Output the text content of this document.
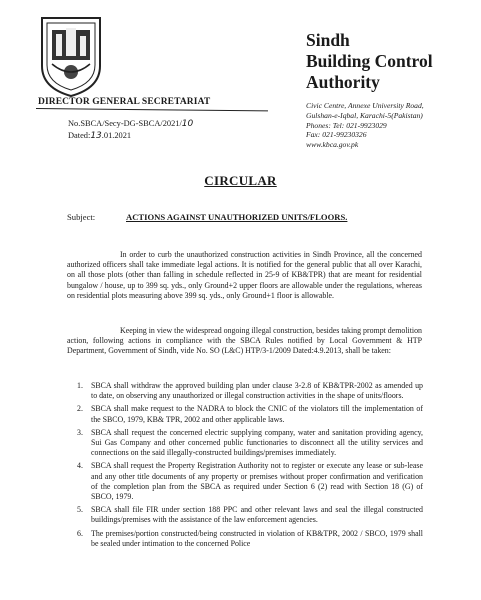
Sindh
Building Control
Authority
DIRECTOR GENERAL SECRETARIAT	Civic Centre, Annexe University Road,
Gulshan-e-Iqbal, Karachi-5(Pakistan)
Phones: Tel: 021-9923029
Fax: 021-99230326
www.kbca.gov.pk
No.SBCA/Secy-DG-SBCA/2021/10
Dated:13.01.2021
CIRCULAR
Subject:	ACTIONS AGAINST UNAUTHORIZED UNITS/FLOORS.
In order to curb the unauthorized construction activities in Sindh Province, all the concerned authorized officers shall take immediate legal actions. It is notified for the general public that all over Karachi, on all those plots (other than falling in schedule reflected in 25-9 of KB&TPR) that are meant for residential bungalow / house, up to 399 sq. yds., only Ground+2 upper floors are allowable under the regulations, whereas on residential plots measuring above 399 sq. yds., only Ground+1 floor is allowable.
Keeping in view the widespread ongoing illegal construction, besides taking prompt demolition action, following actions in compliance with the SBCA Rules notified by Local Government & HTP Department, Government of Sindh, vide No. SO (L&C) HTP/3-1/2009 Dated:4.9.2013, shall be taken:
1. SBCA shall withdraw the approved building plan under clause 3-2.8 of KB&TPR-2002 as amended up to date, on observing any unauthorized or illegal construction activities in the shape of units/floors.
2. SBCA shall make request to the NADRA to block the CNIC of the violators till the implementation of the SBCO, 1979, KB& TPR, 2002 and other applicable laws.
3. SBCA shall request the concerned electric supplying company, water and sanitation providing agency, Sui Gas Company and other concerned public functionaries to disconnect all the utility services and connections on the said illegally-constructed buildings/premises immediately.
4. SBCA shall request the Property Registration Authority not to register or execute any lease or sub-lease and any other title documents of any property or premises without proper confirmation and verification of the completion plan from the SBCA as required under Section 6 (2) read with Section 18 (G) of SBCO, 1979.
5. SBCA shall file FIR under section 188 PPC and other relevant laws and seal the illegal constructed buildings/premises with the assistance of the law enforcement agencies.
6. The premises/portion constructed/being constructed in violation of KB&TPR, 2002 / SBCO, 1979 shall be sealed under intimation to the concerned Police
